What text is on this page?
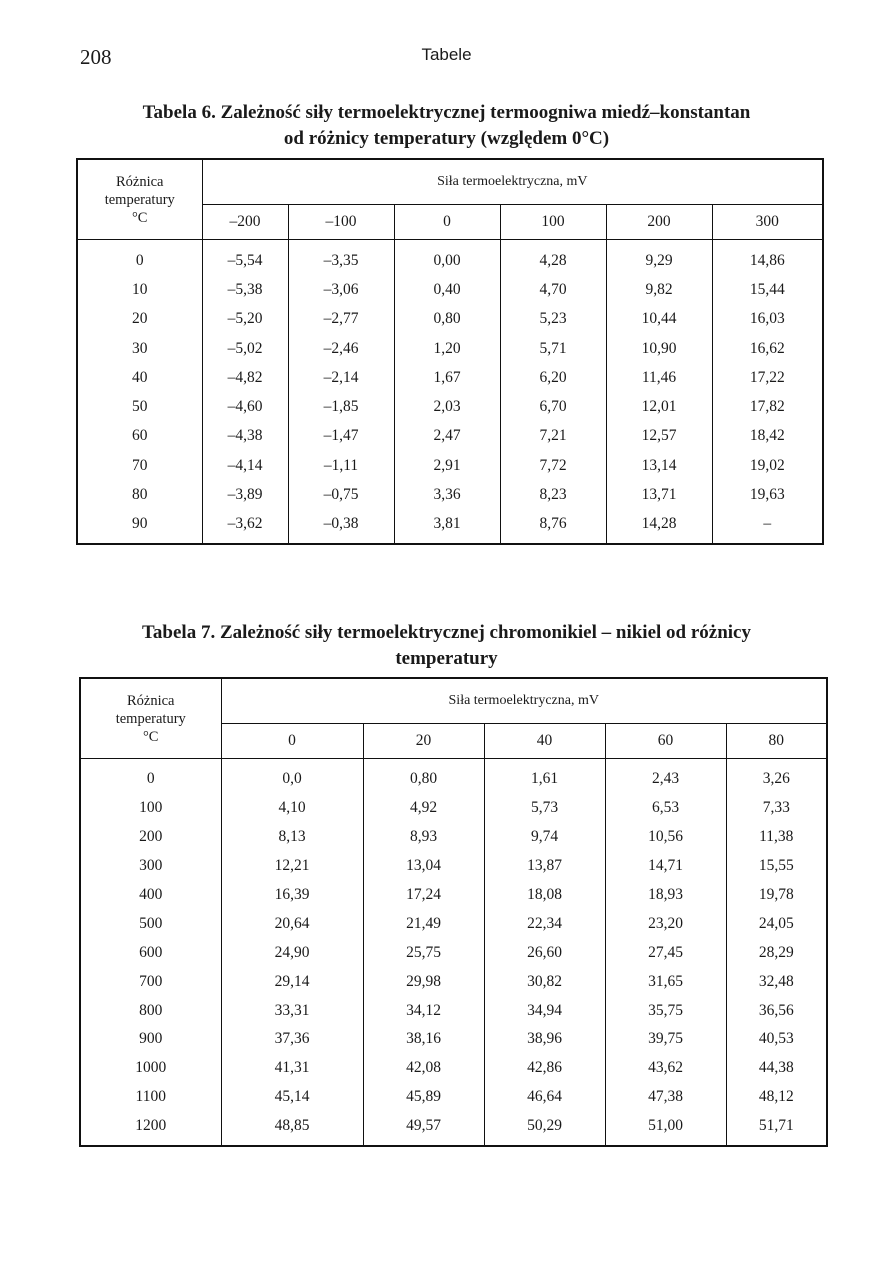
208	Tabele
Tabela 6. Zależność siły termoelektrycznej termoogniwa miedź–konstantan
od różnicy temperatury (względem 0°C)
Różnica
temperatury
°C	Siła termoelektryczna, mV					
	–200	–100	0	100	200	300
0	–5,54	–3,35	0,00	4,28	9,29	14,86
10	–5,38	–3,06	0,40	4,70	9,82	15,44
20	–5,20	–2,77	0,80	5,23	10,44	16,03
30	–5,02	–2,46	1,20	5,71	10,90	16,62
40	–4,82	–2,14	1,67	6,20	11,46	17,22
50	–4,60	–1,85	2,03	6,70	12,01	17,82
60	–4,38	–1,47	2,47	7,21	12,57	18,42
70	–4,14	–1,11	2,91	7,72	13,14	19,02
80	–3,89	–0,75	3,36	8,23	13,71	19,63
90	–3,62	–0,38	3,81	8,76	14,28	–
Tabela 7. Zależność siły termoelektrycznej chromonikiel – nikiel od różnicy
temperatury
Różnica
temperatury
°C	Siła termoelektryczna, mV				
	0	20	40	60	80
0	0,0	0,80	1,61	2,43	3,26
100	4,10	4,92	5,73	6,53	7,33
200	8,13	8,93	9,74	10,56	11,38
300	12,21	13,04	13,87	14,71	15,55
400	16,39	17,24	18,08	18,93	19,78
500	20,64	21,49	22,34	23,20	24,05
600	24,90	25,75	26,60	27,45	28,29
700	29,14	29,98	30,82	31,65	32,48
800	33,31	34,12	34,94	35,75	36,56
900	37,36	38,16	38,96	39,75	40,53
1000	41,31	42,08	42,86	43,62	44,38
1100	45,14	45,89	46,64	47,38	48,12
1200	48,85	49,57	50,29	51,00	51,71
